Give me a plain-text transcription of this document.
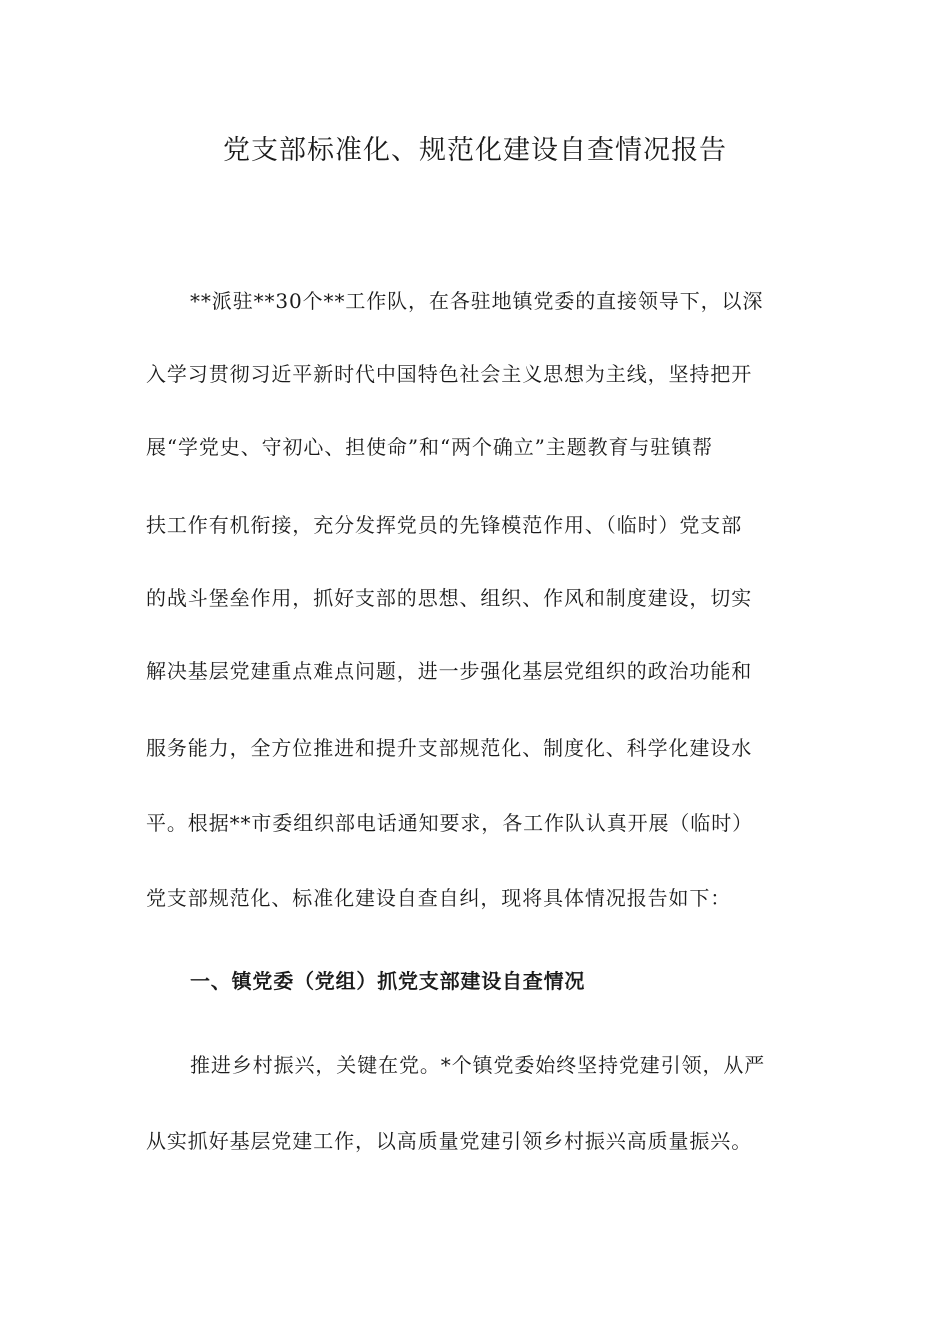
党支部标准化、规范化建设自查情况报告
**派驻**30个**工作队，在各驻地镇党委的直接领导下，以深
入学习贯彻习近平新时代中国特色社会主义思想为主线，坚持把开
展“学党史、守初心、担使命”和“两个确立”主题教育与驻镇帮
扶工作有机衔接，充分发挥党员的先锋模范作用、（临时）党支部
的战斗堡垒作用，抓好支部的思想、组织、作风和制度建设，切实
解决基层党建重点难点问题，进一步强化基层党组织的政治功能和
服务能力，全方位推进和提升支部规范化、制度化、科学化建设水
平。根据**市委组织部电话通知要求，各工作队认真开展（临时）
党支部规范化、标准化建设自查自纠，现将具体情况报告如下：
一、镇党委（党组）抓党支部建设自查情况
推进乡村振兴，关键在党。*个镇党委始终坚持党建引领，从严
从实抓好基层党建工作，以高质量党建引领乡村振兴高质量振兴。
